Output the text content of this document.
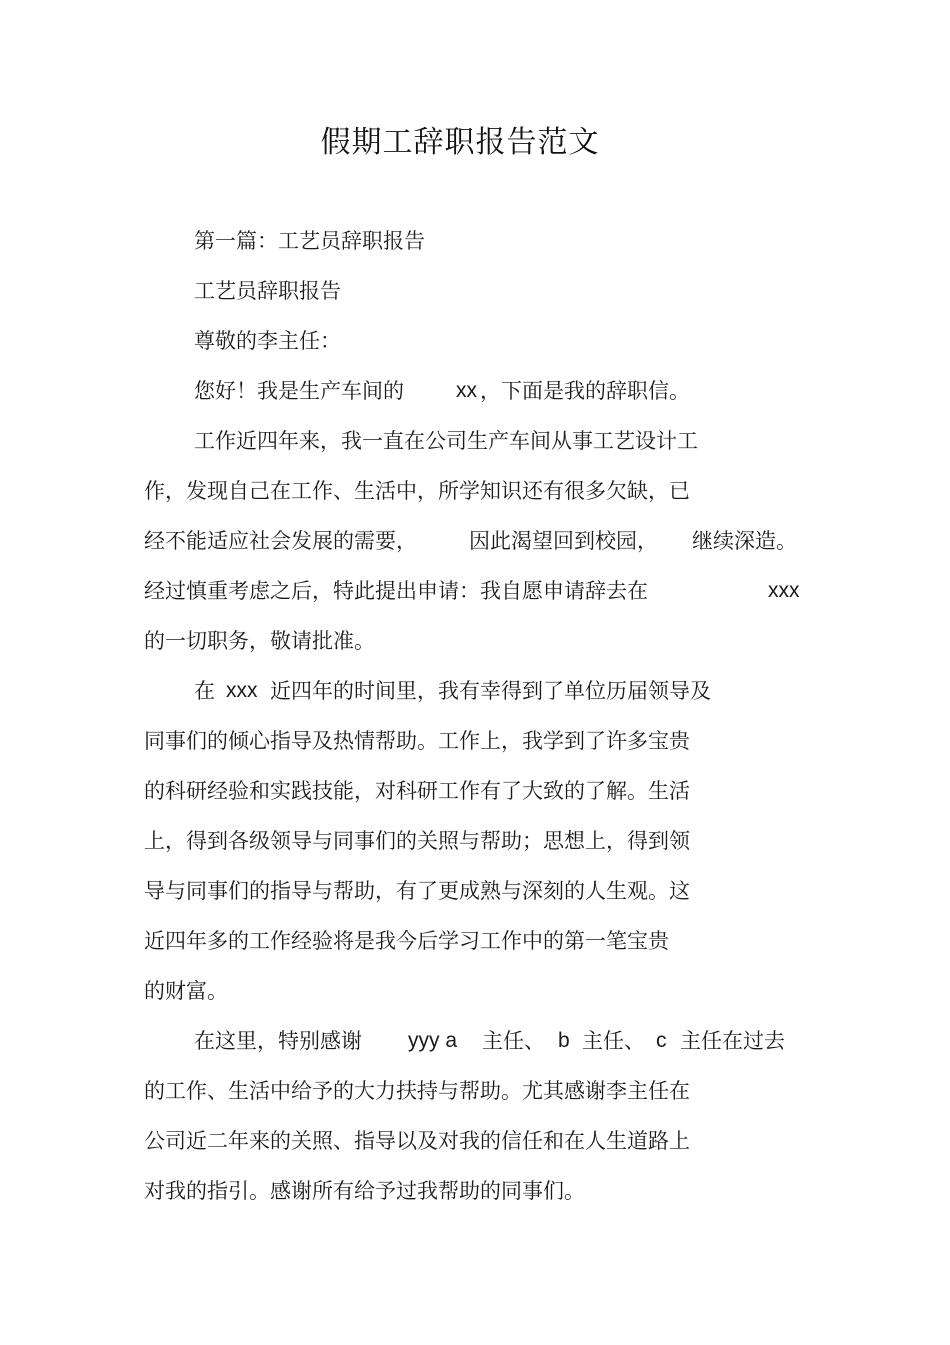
假期工辞职报告范文
第一篇：工艺员辞职报告
工艺员辞职报告
尊敬的李主任：
您好！我是生产车间的 xx ，下面是我的辞职信。
工作近四年来，我一直在公司生产车间从事工艺设计工
作，发现自己在工作、生活中，所学知识还有很多欠缺，已
经不能适应社会发展的需要， 因此渴望回到校园， 继续深造。
经过慎重考虑之后，特此提出申请：我自愿申请辞去在	xxx
的一切职务，敬请批准。
在 xxx 近四年的时间里，我有幸得到了单位历届领导及
同事们的倾心指导及热情帮助。工作上，我学到了许多宝贵
的科研经验和实践技能，对科研工作有了大致的了解。生活
上，得到各级领导与同事们的关照与帮助；思想上，得到领
导与同事们的指导与帮助，有了更成熟与深刻的人生观。这
近四年多的工作经验将是我今后学习工作中的第一笔宝贵
的财富。
在这里，特别感谢 yyy a 主任、 b 主任、 c 主任在过去
的工作、生活中给予的大力扶持与帮助。尤其感谢李主任在
公司近二年来的关照、指导以及对我的信任和在人生道路上
对我的指引。感谢所有给予过我帮助的同事们。
